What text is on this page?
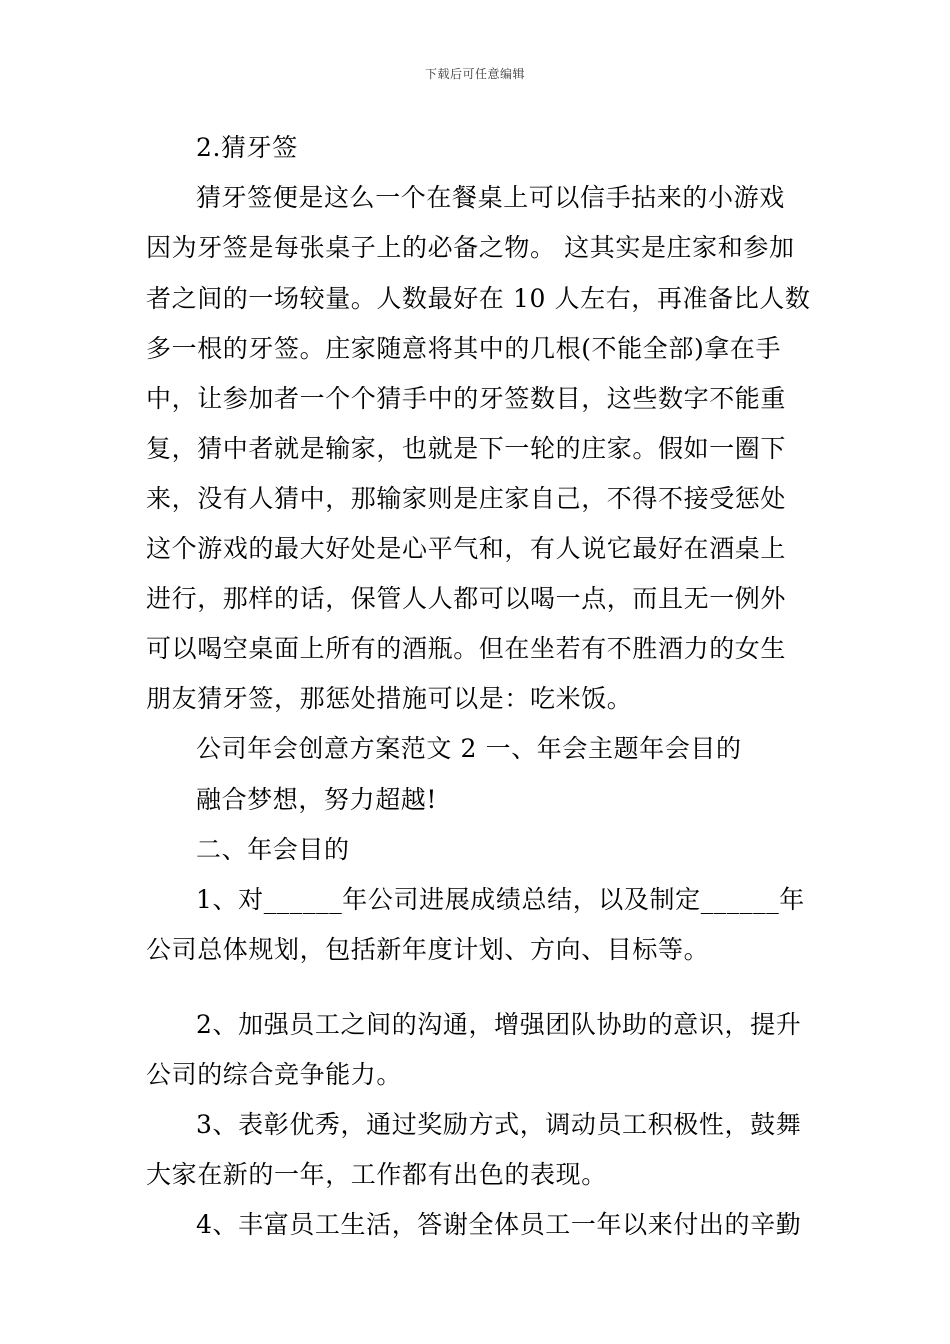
下载后可任意编辑
2.猜牙签
猜牙签便是这么一个在餐桌上可以信手拈来的小游戏
因为牙签是每张桌子上的必备之物。 这其实是庄家和参加
者之间的一场较量。人数最好在 10 人左右，再准备比人数
多一根的牙签。庄家随意将其中的几根(不能全部)拿在手
中，让参加者一个个猜手中的牙签数目，这些数字不能重
复，猜中者就是输家，也就是下一轮的庄家。假如一圈下
来，没有人猜中，那输家则是庄家自己，不得不接受惩处
这个游戏的最大好处是心平气和，有人说它最好在酒桌上
进行，那样的话，保管人人都可以喝一点，而且无一例外
可以喝空桌面上所有的酒瓶。但在坐若有不胜酒力的女生
朋友猜牙签，那惩处措施可以是：吃米饭。
公司年会创意方案范文 2 一、年会主题年会目的
融合梦想，努力超越!
二、年会目的
1、对______年公司进展成绩总结，以及制定______年
公司总体规划，包括新年度计划、方向、目标等。
2、加强员工之间的沟通，增强团队协助的意识，提升
公司的综合竞争能力。
3、表彰优秀，通过奖励方式，调动员工积极性，鼓舞
大家在新的一年，工作都有出色的表现。
4、丰富员工生活，答谢全体员工一年以来付出的辛勤
